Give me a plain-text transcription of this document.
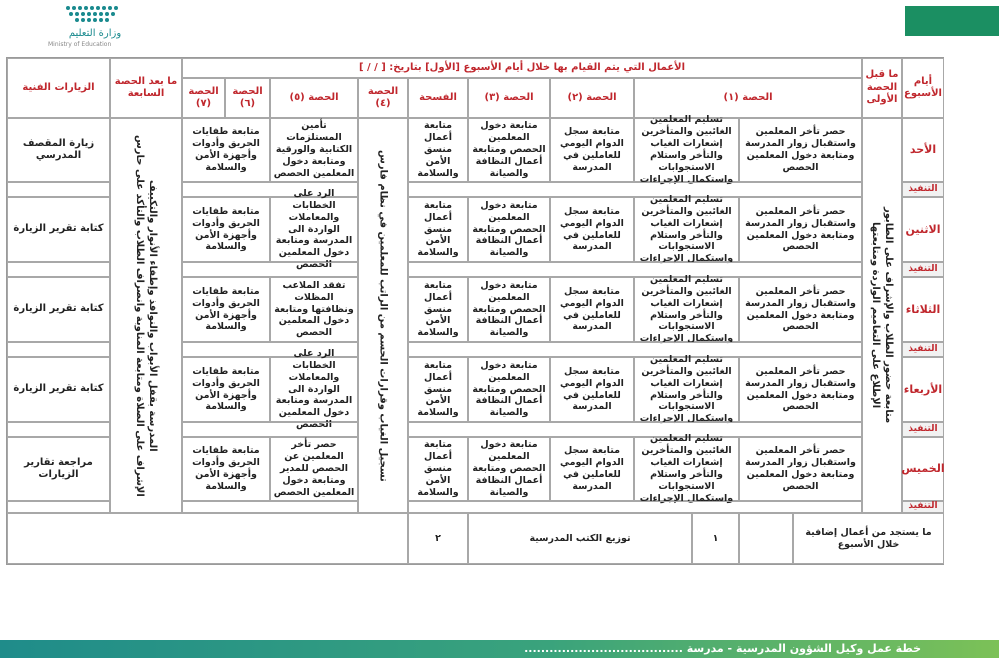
وزارة التعليم
Ministry of Education
أيام الأسبوع
ما قبل الحصة الأولى
الأعمال التي يتم القيام بها خلال أيام الأسبوع [الأول] بتاريخ: [ / / ]
الحصة (١)
الحصة (٢)
الحصة (٣)
الفسحة
الحصة (٤)
الحصة (٥)
الحصة (٦)
الحصة (٧)
ما بعد الحصة السابعة
الزيارات الفنية
متابعة حضور الطلاب والإشراف على الطابور
الإطلاع على التعاميم الواردة ومتابعتها
تسجيل الغياب وقرارات الحسم من الراتب للمعلمين في نظام فارس
الإشراف على الصلاة ومتابعة المناوبة وانصراف الطلاب والتأكد على حارس المدرسة بقفل الأبواب والنوافذ وإطفاء الأنوار والتكييف
الأحد
حصر تأخر المعلمين واستقبال زوار المدرسة ومتابعة دخول المعلمين الحصص
تسليم المعلمين الغائبين والمتأخرين إشعارات الغياب والتأخر واستلام الاستجوابات واستكمال الإجراءات
متابعة سجل الدوام اليومي للعاملين في المدرسة
متابعة دخول المعلمين الحصص ومتابعة أعمال النظافة والصيانة
متابعة أعمال منسق الأمن والسلامة
تأمين المستلزمات الكتابية والورقية ومتابعة دخول المعلمين الحصص
متابعة طفايات الحريق وأدوات وأجهزة الأمن والسلامة
زيارة المقصف المدرسي
التنفيذ
الاثنين
حصر تأخر المعلمين واستقبال زوار المدرسة ومتابعة دخول المعلمين الحصص
تسليم المعلمين الغائبين والمتأخرين إشعارات الغياب والتأخر واستلام الاستجوابات واستكمال الإجراءات
متابعة سجل الدوام اليومي للعاملين في المدرسة
متابعة دخول المعلمين الحصص ومتابعة أعمال النظافة والصيانة
متابعة أعمال منسق الأمن والسلامة
الرد على الخطابات والمعاملات الواردة الى المدرسة ومتابعة دخول المعلمين الحصص
متابعة طفايات الحريق وأدوات وأجهزة الأمن والسلامة
كتابة تقرير الزيارة
التنفيذ
الثلاثاء
حصر تأخر المعلمين واستقبال زوار المدرسة ومتابعة دخول المعلمين الحصص
تسليم المعلمين الغائبين والمتأخرين إشعارات الغياب والتأخر واستلام الاستجوابات واستكمال الإجراءات
متابعة سجل الدوام اليومي للعاملين في المدرسة
متابعة دخول المعلمين الحصص ومتابعة أعمال النظافة والصيانة
متابعة أعمال منسق الأمن والسلامة
تفقد الملاعب المظلات ونظافتها ومتابعة دخول المعلمين الحصص
متابعة طفايات الحريق وأدوات وأجهزة الأمن والسلامة
كتابة تقرير الزيارة
التنفيذ
الأربعاء
حصر تأخر المعلمين واستقبال زوار المدرسة ومتابعة دخول المعلمين الحصص
تسليم المعلمين الغائبين والمتأخرين إشعارات الغياب والتأخر واستلام الاستجوابات واستكمال الإجراءات
متابعة سجل الدوام اليومي للعاملين في المدرسة
متابعة دخول المعلمين الحصص ومتابعة أعمال النظافة والصيانة
متابعة أعمال منسق الأمن والسلامة
الرد على الخطابات والمعاملات الواردة الى المدرسة ومتابعة دخول المعلمين الحصص
متابعة طفايات الحريق وأدوات وأجهزة الأمن والسلامة
كتابة تقرير الزيارة
التنفيذ
الخميس
حصر تأخر المعلمين واستقبال زوار المدرسة ومتابعة دخول المعلمين الحصص
تسليم المعلمين الغائبين والمتأخرين إشعارات الغياب والتأخر واستلام الاستجوابات واستكمال الإجراءات
متابعة سجل الدوام اليومي للعاملين في المدرسة
متابعة دخول المعلمين الحصص ومتابعة أعمال النظافة والصيانة
متابعة أعمال منسق الأمن والسلامة
حصر تأخر المعلمين عن الحصص للمدير ومتابعة دخول المعلمين الحصص
متابعة طفايات الحريق وأدوات وأجهزة الأمن والسلامة
مراجعة تقارير الزيارات
التنفيذ
ما يستجد من أعمال إضافية خلال الأسبوع
١
توزيع الكتب المدرسية
٢
خطة عمل وكيل الشؤون المدرسية - مدرسة ......................................
